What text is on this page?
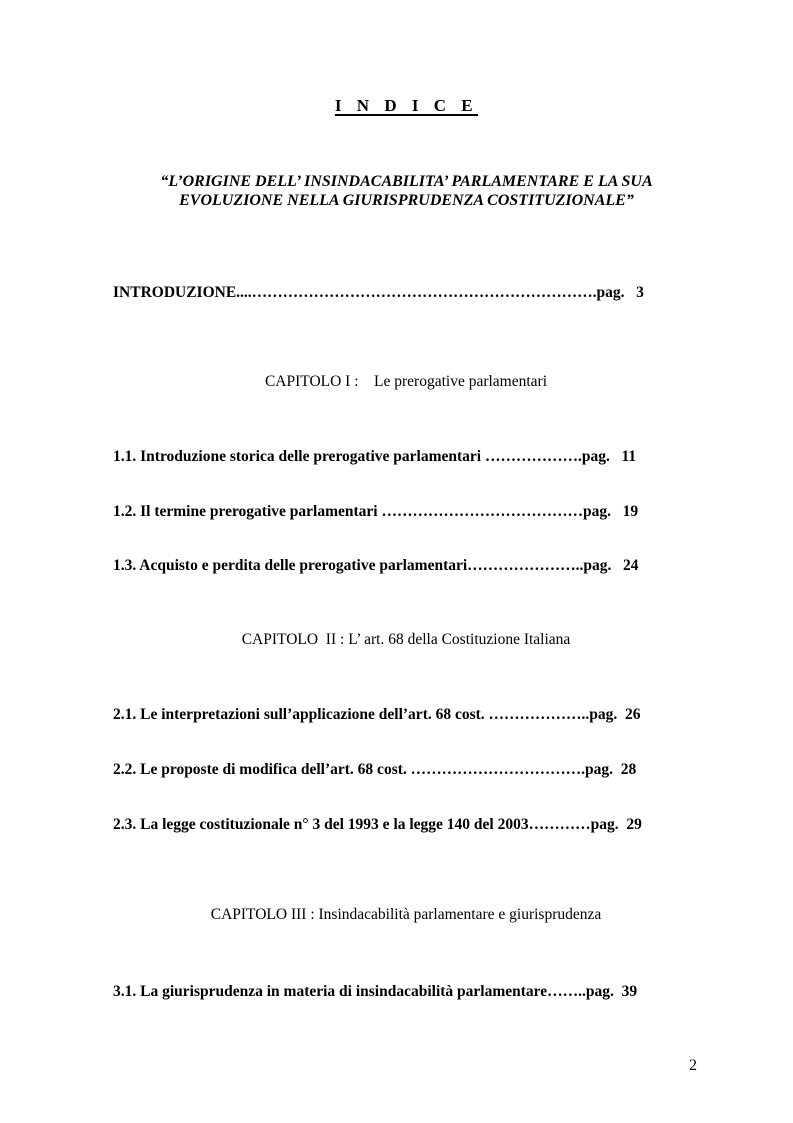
I N D I C E
“L’ORIGINE DELL’ INSINDACABILITA’ PARLAMENTARE E LA SUA
EVOLUZIONE NELLA GIURISPRUDENZA COSTITUZIONALE”
INTRODUZIONE....………………………………………………………….pag.   3
CAPITOLO I :    Le prerogative parlamentari
1.1. Introduzione storica delle prerogative parlamentari ……………….pag.   11
1.2. Il termine prerogative parlamentari …………………………………pag.   19
1.3. Acquisto e perdita delle prerogative parlamentari…………………..pag.   24
CAPITOLO  II : L’ art. 68 della Costituzione Italiana
2.1. Le interpretazioni sull’applicazione dell’art. 68 cost. ………………..pag.  26
2.2. Le proposte di modifica dell’art. 68 cost. …………………………….pag.  28
2.3. La legge costituzionale n° 3 del 1993 e la legge 140 del 2003…………pag.  29
CAPITOLO III : Insindacabilità parlamentare e giurisprudenza
3.1. La giurisprudenza in materia di insindacabilità parlamentare……..pag.  39
2
